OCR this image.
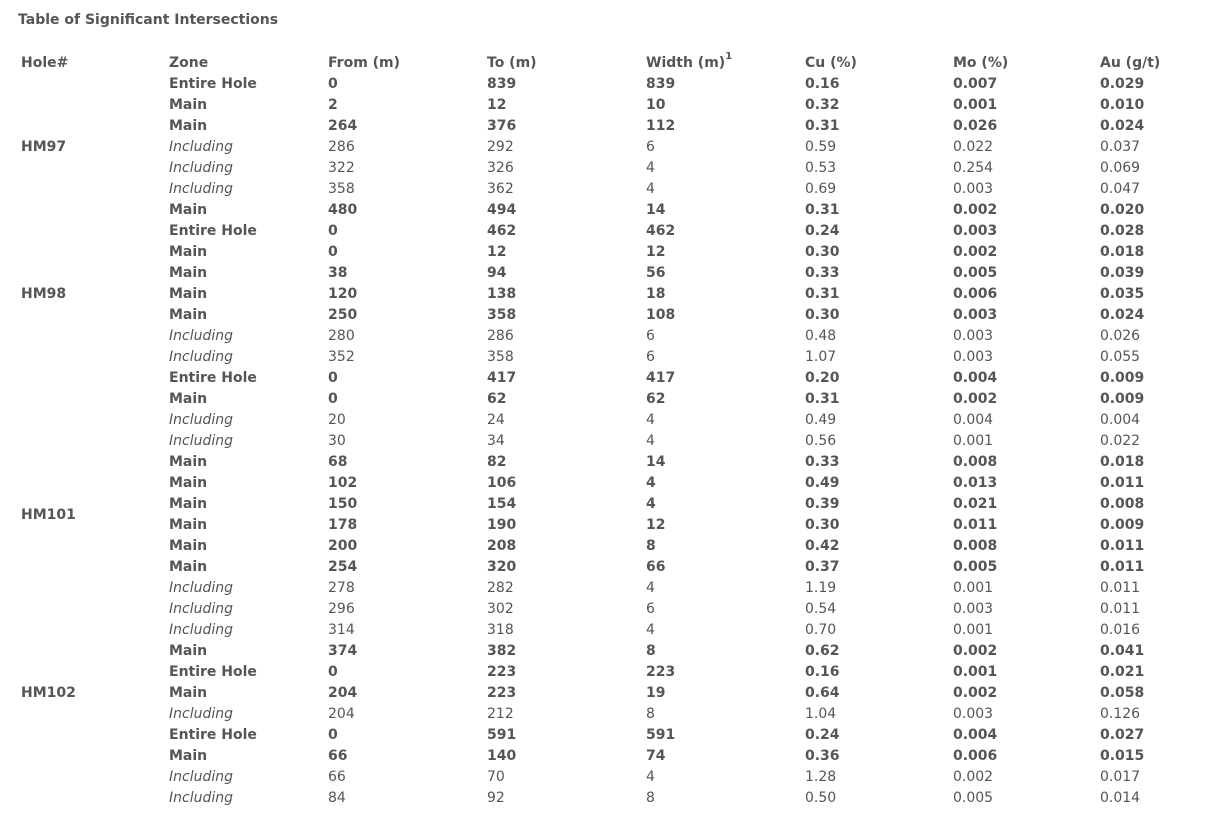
Table of Significant Intersections
Hole#	Zone	From (m)	To (m)	Width $(m)^1$	Cu (%)	Mo (%)	Au (g/t)
HM97	Entire Hole	0	839	839	0.16	0.007	0.029
	Main	2	12	10	0.32	0.001	0.010
	Main	264	376	112	0.31	0.026	0.024
	Including	286	292	6	0.59	0.022	0.037
	Including	322	326	4	0.53	0.254	0.069
	Including	358	362	4	0.69	0.003	0.047
	Main	480	494	14	0.31	0.002	0.020
HM98	Entire Hole	0	462	462	0.24	0.003	0.028
	Main	0	12	12	0.30	0.002	0.018
	Main	38	94	56	0.33	0.005	0.039
	Main	120	138	18	0.31	0.006	0.035
	Main	250	358	108	0.30	0.003	0.024
	Including	280	286	6	0.48	0.003	0.026
	Including	352	358	6	1.07	0.003	0.055
HM101	Entire Hole	0	417	417	0.20	0.004	0.009
	Main	0	62	62	0.31	0.002	0.009
	Including	20	24	4	0.49	0.004	0.004
	Including	30	34	4	0.56	0.001	0.022
	Main	68	82	14	0.33	0.008	0.018
	Main	102	106	4	0.49	0.013	0.011
	Main	150	154	4	0.39	0.021	0.008
	Main	178	190	12	0.30	0.011	0.009
	Main	200	208	8	0.42	0.008	0.011
	Main	254	320	66	0.37	0.005	0.011
	Including	278	282	4	1.19	0.001	0.011
	Including	296	302	6	0.54	0.003	0.011
	Including	314	318	4	0.70	0.001	0.016
	Main	374	382	8	0.62	0.002	0.041
HM102	Entire Hole	0	223	223	0.16	0.001	0.021
	Main	204	223	19	0.64	0.002	0.058
	Including	204	212	8	1.04	0.003	0.126
	Entire Hole	0	591	591	0.24	0.004	0.027
	Main	66	140	74	0.36	0.006	0.015
	Including	66	70	4	1.28	0.002	0.017
	Including	84	92	8	0.50	0.005	0.014
